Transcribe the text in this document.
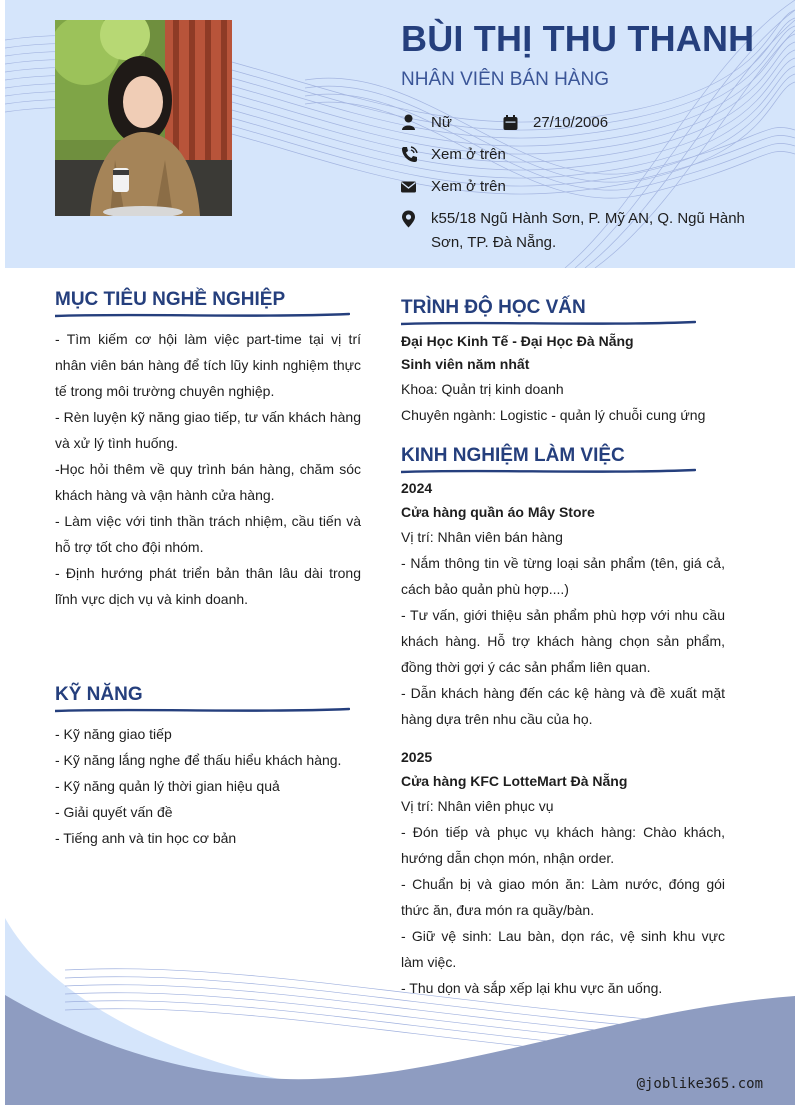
BÙI THỊ THU THANH
NHÂN VIÊN BÁN HÀNG
Nữ	27/10/2006
Xem ở trên
Xem ở trên
k55/18 Ngũ Hành Sơn, P. Mỹ AN, Q. Ngũ Hành Sơn, TP. Đà Nẵng.
MỤC TIÊU NGHỀ NGHIỆP

- Tìm kiếm cơ hội làm việc part-time tại vị trí nhân viên bán hàng để tích lũy kinh nghiệm thực tế trong môi trường chuyên nghiệp.

- Rèn luyện kỹ năng giao tiếp, tư vấn khách hàng và xử lý tình huống.

-Học hỏi thêm về quy trình bán hàng, chăm sóc khách hàng và vận hành cửa hàng.

- Làm việc với tinh thần trách nhiệm, cầu tiến và hỗ trợ tốt cho đội nhóm.

- Định hướng phát triển bản thân lâu dài trong lĩnh vực dịch vụ và kinh doanh.

KỸ NĂNG
- Kỹ năng giao tiếp
- Kỹ năng lắng nghe để thấu hiểu khách hàng.
- Kỹ năng quản lý thời gian hiệu quả
- Giải quyết vấn đề
- Tiếng anh và tin học cơ bản
TRÌNH ĐỘ HỌC VẤN
Đại Học Kinh Tế - Đại Học Đà Nẵng
Sinh viên năm nhất
Khoa: Quản trị kinh doanh
Chuyên ngành: Logistic - quản lý chuỗi cung ứng
KINH NGHIỆM LÀM VIỆC
2024
Cửa hàng quần áo Mây Store
Vị trí: Nhân viên bán hàng
- Nắm thông tin về từng loại sản phẩm (tên, giá cả, cách bảo quản phù hợp....)
- Tư vấn, giới thiệu sản phẩm phù hợp với nhu cầu khách hàng. Hỗ trợ khách hàng chọn sản phẩm, đồng thời gợi ý các sản phẩm liên quan.
- Dẫn khách hàng đến các kệ hàng và đề xuất mặt hàng dựa trên nhu cầu của họ.
2025
Cửa hàng KFC LotteMart Đà Nẵng
Vị trí: Nhân viên phục vụ
- Đón tiếp và phục vụ khách hàng: Chào khách, hướng dẫn chọn món, nhận order.
- Chuẩn bị và giao món ăn: Làm nước, đóng gói thức ăn, đưa món ra quầy/bàn.
- Giữ vệ sinh: Lau bàn, dọn rác, vệ sinh khu vực làm việc.
- Thu dọn và sắp xếp lại khu vực ăn uống.
@joblike365.com
